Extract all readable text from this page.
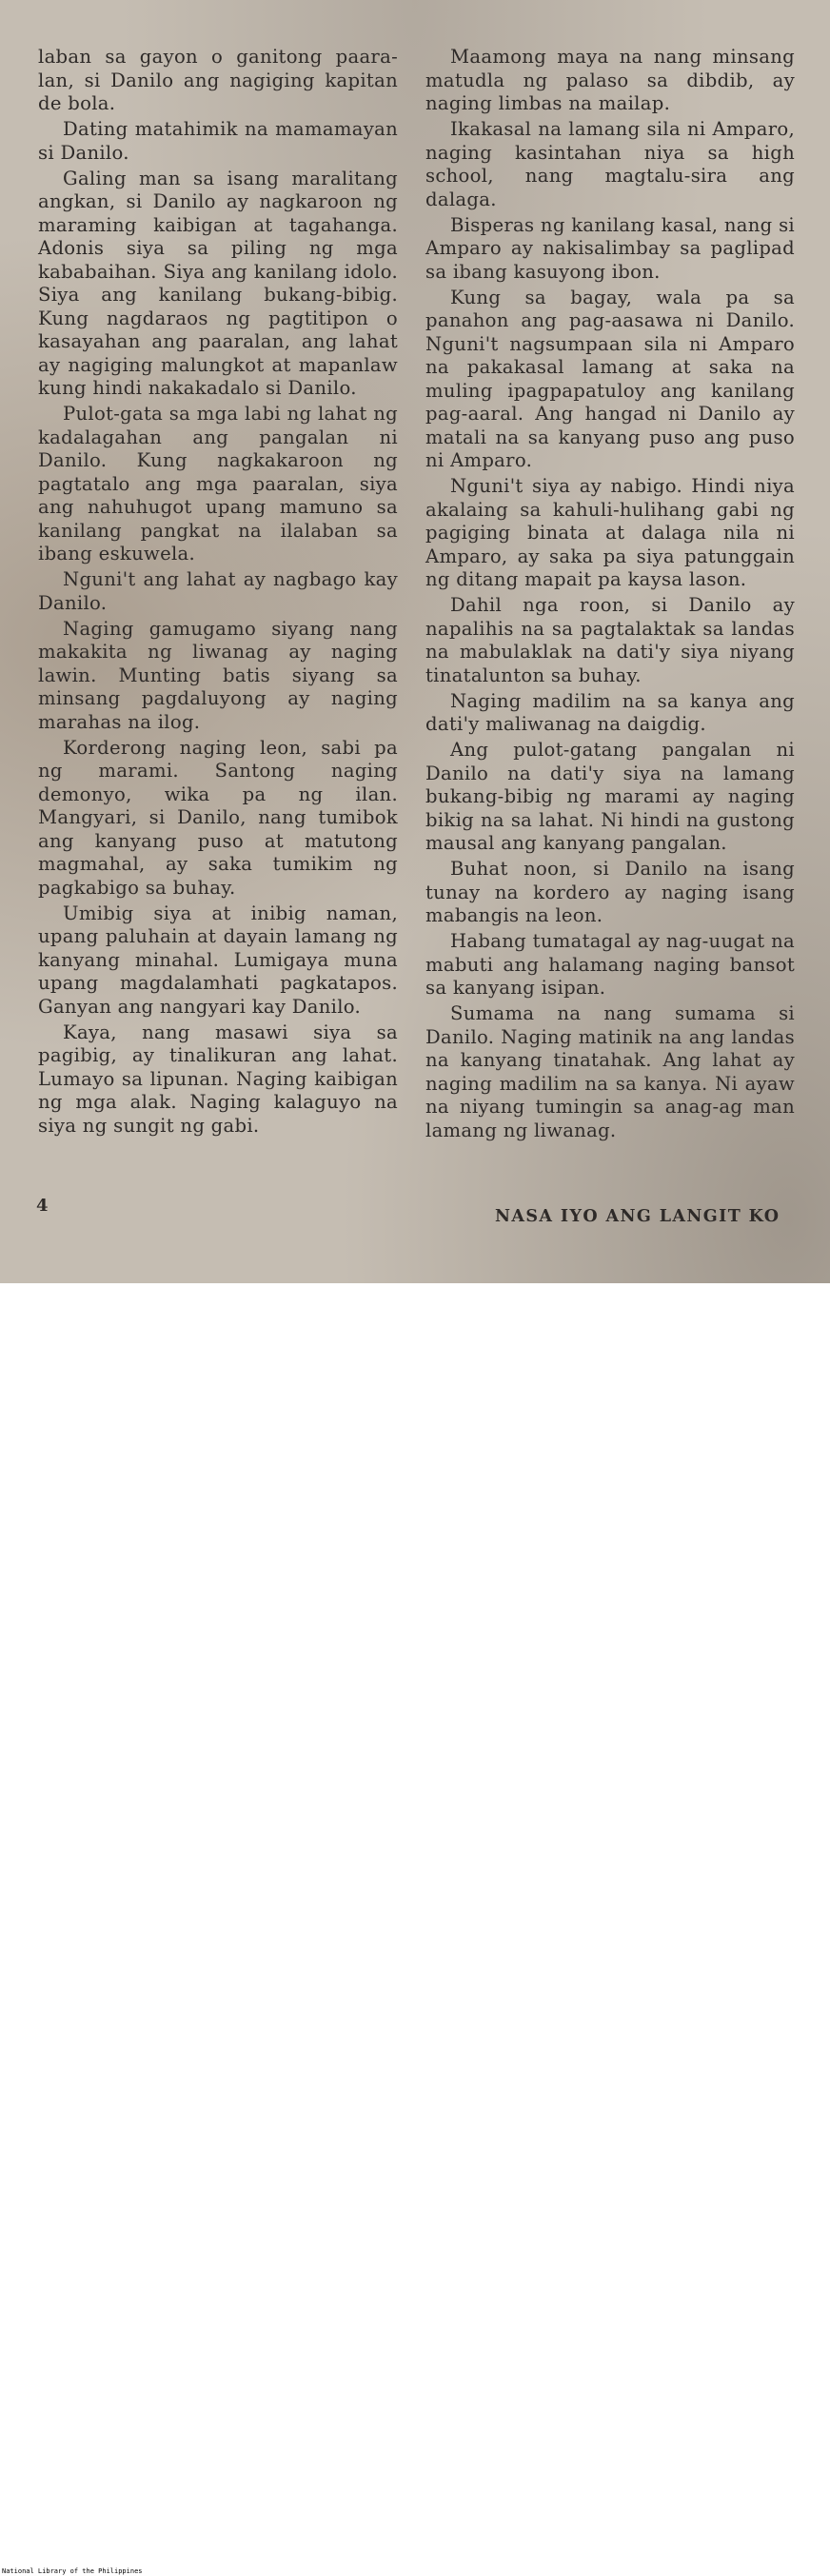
laban sa gayon o ganitong paara-lan, si Danilo ang nagiging kapitan de bola.

Dating matahimik na mamamayan si Danilo.

Galing man sa isang maralitang angkan, si Danilo ay nagkaroon ng maraming kaibigan at tagahanga. Adonis siya sa piling ng mga kababaihan. Siya ang kanilang idolo. Siya ang kanilang bukang-bibig. Kung nagdaraos ng pagtitipon o kasayahan ang paaralan, ang lahat ay nagiging malungkot at mapanlaw kung hindi nakakadalo si Danilo.

Pulot-gata sa mga labi ng lahat ng kadalagahan ang pangalan ni Danilo. Kung nagkakaroon ng pagtatalo ang mga paaralan, siya ang nahuhugot upang mamuno sa kanilang pangkat na ilalaban sa ibang eskuwela.

Nguni't ang lahat ay nagbago kay Danilo.

Naging gamugamo siyang nang makakita ng liwanag ay naging lawin. Munting batis siyang sa minsang pagdaluyong ay naging marahas na ilog.

Korderong naging leon, sabi pa ng marami. Santong naging demonyo, wika pa ng ilan. Mangyari, si Danilo, nang tumibok ang kanyang puso at matutong magmahal, ay saka tumikim ng pagkabigo sa buhay.

Umibig siya at inibig naman, upang paluhain at dayain lamang ng kanyang minahal. Lumigaya muna upang magdalamhati pagkatapos. Ganyan ang nangyari kay Danilo.

Kaya, nang masawi siya sa pagibig, ay tinalikuran ang lahat. Lumayo sa lipunan. Naging kaibigan ng mga alak. Naging kalaguyo na siya ng sungit ng gabi.

Maamong maya na nang minsang matudla ng palaso sa dibdib, ay naging limbas na mailap.

Ikakasal na lamang sila ni Amparo, naging kasintahan niya sa high school, nang magtalu-sira ang dalaga.

Bisperas ng kanilang kasal, nang si Amparo ay nakisalimbay sa paglipad sa ibang kasuyong ibon.

Kung sa bagay, wala pa sa panahon ang pag-aasawa ni Danilo. Nguni't nagsumpaan sila ni Amparo na pakakasal lamang at saka na muling ipagpapatuloy ang kanilang pag-aaral. Ang hangad ni Danilo ay matali na sa kanyang puso ang puso ni Amparo.

Nguni't siya ay nabigo. Hindi niya akalaing sa kahuli-hulihang gabi ng pagiging binata at dalaga nila ni Amparo, ay saka pa siya patunggain ng ditang mapait pa kaysa lason.

Dahil nga roon, si Danilo ay napalihis na sa pagtalaktak sa landas na mabulaklak na dati'y siya niyang tinatalunton sa buhay.

Naging madilim na sa kanya ang dati'y maliwanag na daigdig.

Ang pulot-gatang pangalan ni Danilo na dati'y siya na lamang bukang-bibig ng marami ay naging bikig na sa lahat. Ni hindi na gustong mausal ang kanyang pangalan.

Buhat noon, si Danilo na isang tunay na kordero ay naging isang mabangis na leon.

Habang tumatagal ay nag-uugat na mabuti ang halamang naging bansot sa kanyang isipan.

Sumama na nang sumama si Danilo. Naging matinik na ang landas na kanyang tinatahak. Ang lahat ay naging madilim na sa kanya. Ni ayaw na niyang tumingin sa anag-ag man lamang ng liwanag.

4
NASA IYO ANG LANGIT KO
National Library of the Philippines
